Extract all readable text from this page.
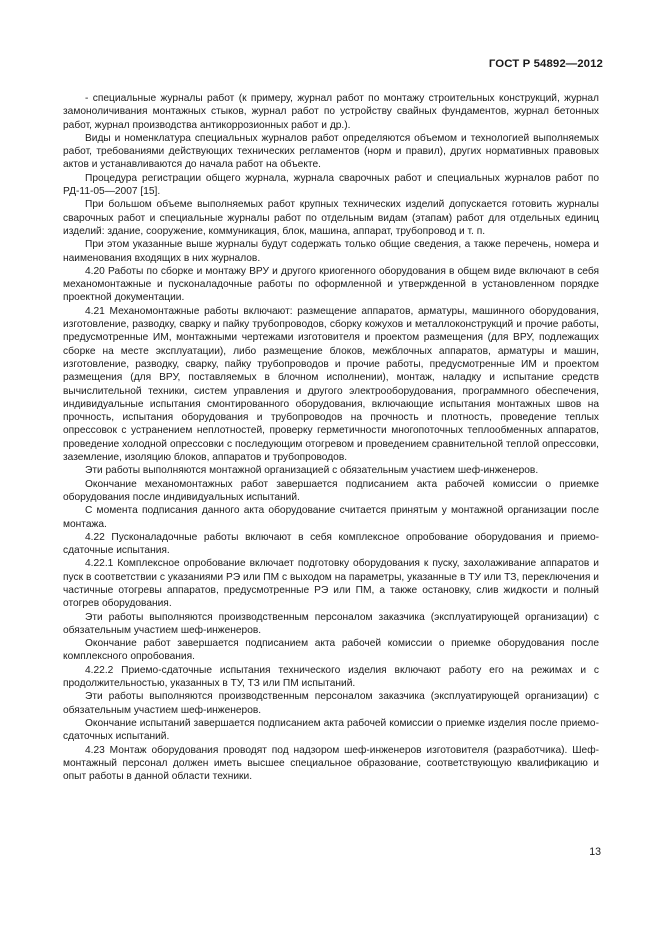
ГОСТ Р 54892—2012

- специальные журналы работ (к примеру, журнал работ по монтажу строительных конструкций, журнал замоноличивания монтажных стыков, журнал работ по устройству свайных фундаментов, журнал бетонных работ, журнал производства антикоррозионных работ и др.).

Виды и номенклатура специальных журналов работ определяются объемом и технологией выполняемых работ, требованиями действующих технических регламентов (норм и правил), других нормативных правовых актов и устанавливаются до начала работ на объекте.

Процедура регистрации общего журнала, журнала сварочных работ и специальных журналов работ по РД-11-05—2007 [15].

При большом объеме выполняемых работ крупных технических изделий допускается готовить журналы сварочных работ и специальные журналы работ по отдельным видам (этапам) работ для отдельных единиц изделий: здание, сооружение, коммуникация, блок, машина, аппарат, трубопровод и т. п.

При этом указанные выше журналы будут содержать только общие сведения, а также перечень, номера и наименования входящих в них журналов.

4.20 Работы по сборке и монтажу ВРУ и другого криогенного оборудования в общем виде включают в себя механомонтажные и пусконаладочные работы по оформленной и утвержденной в установленном порядке проектной документации.

4.21 Механомонтажные работы включают: размещение аппаратов, арматуры, машинного оборудования, изготовление, разводку, сварку и пайку трубопроводов, сборку кожухов и металлоконструкций и прочие работы, предусмотренные ИМ, монтажными чертежами изготовителя и проектом размещения (для ВРУ, подлежащих сборке на месте эксплуатации), либо размещение блоков, межблочных аппаратов, арматуры и машин, изготовление, разводку, сварку, пайку трубопроводов и прочие работы, предусмотренные ИМ и проектом размещения (для ВРУ, поставляемых в блочном исполнении), монтаж, наладку и испытание средств вычислительной техники, систем управления и другого электрооборудования, программного обеспечения, индивидуальные испытания смонтированного оборудования, включающие испытания монтажных швов на прочность, испытания оборудования и трубопроводов на прочность и плотность, проведение теплых опрессовок с устранением неплотностей, проверку герметичности многопоточных теплообменных аппаратов, проведение холодной опрессовки с последующим отогревом и проведением сравнительной теплой опрессовки, заземление, изоляцию блоков, аппаратов и трубопроводов.

Эти работы выполняются монтажной организацией с обязательным участием шеф-инженеров.

Окончание механомонтажных работ завершается подписанием акта рабочей комиссии о приемке оборудования после индивидуальных испытаний.

С момента подписания данного акта оборудование считается принятым у монтажной организации после монтажа.

4.22 Пусконаладочные работы включают в себя комплексное опробование оборудования и приемо-сдаточные испытания.

4.22.1 Комплексное опробование включает подготовку оборудования к пуску, захолаживание аппаратов и пуск в соответствии с указаниями РЭ или ПМ с выходом на параметры, указанные в ТУ или ТЗ, переключения и частичные отогревы аппаратов, предусмотренные РЭ или ПМ, а также остановку, слив жидкости и полный отогрев оборудования.

Эти работы выполняются производственным персоналом заказчика (эксплуатирующей организации) с обязательным участием шеф-инженеров.

Окончание работ завершается подписанием акта рабочей комиссии о приемке оборудования после комплексного опробования.

4.22.2 Приемо-сдаточные испытания технического изделия включают работу его на режимах и с продолжительностью, указанных в ТУ, ТЗ или ПМ испытаний.

Эти работы выполняются производственным персоналом заказчика (эксплуатирующей организации) с обязательным участием шеф-инженеров.

Окончание испытаний завершается подписанием акта рабочей комиссии о приемке изделия после приемо-сдаточных испытаний.

4.23 Монтаж оборудования проводят под надзором шеф-инженеров изготовителя (разработчика). Шеф-монтажный персонал должен иметь высшее специальное образование, соответствующую квалификацию и опыт работы в данной области техники.

13
